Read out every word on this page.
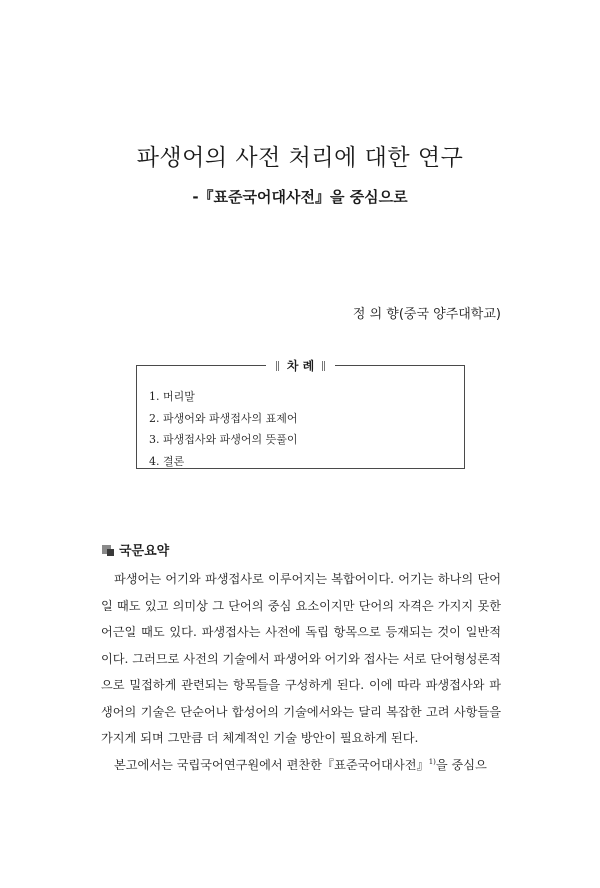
파생어의 사전 처리에 대한 연구
-『표준국어대사전』을 중심으로
정 의 향(중국 양주대학교)
차 례
1. 머리말
2. 파생어와 파생접사의 표제어
3. 파생접사와 파생어의 뜻풀이
4. 결론
국문요약

파생어는 어기와 파생접사로 이루어지는 복합어이다. 어기는 하나의 단어일 때도 있고 의미상 그 단어의 중심 요소이지만 단어의 자격은 가지지 못한 어근일 때도 있다. 파생접사는 사전에 독립 항목으로 등재되는 것이 일반적이다. 그러므로 사전의 기술에서 파생어와 어기와 접사는 서로 단어형성론적으로 밀접하게 관련되는 항목들을 구성하게 된다. 이에 따라 파생접사와 파생어의 기술은 단순어나 합성어의 기술에서와는 달리 복잡한 고려 사항들을 가지게 되며 그만큼 더 체계적인 기술 방안이 필요하게 된다.

본고에서는 국립국어연구원에서 편찬한『표준국어대사전』$^{1)}$을 중심으
